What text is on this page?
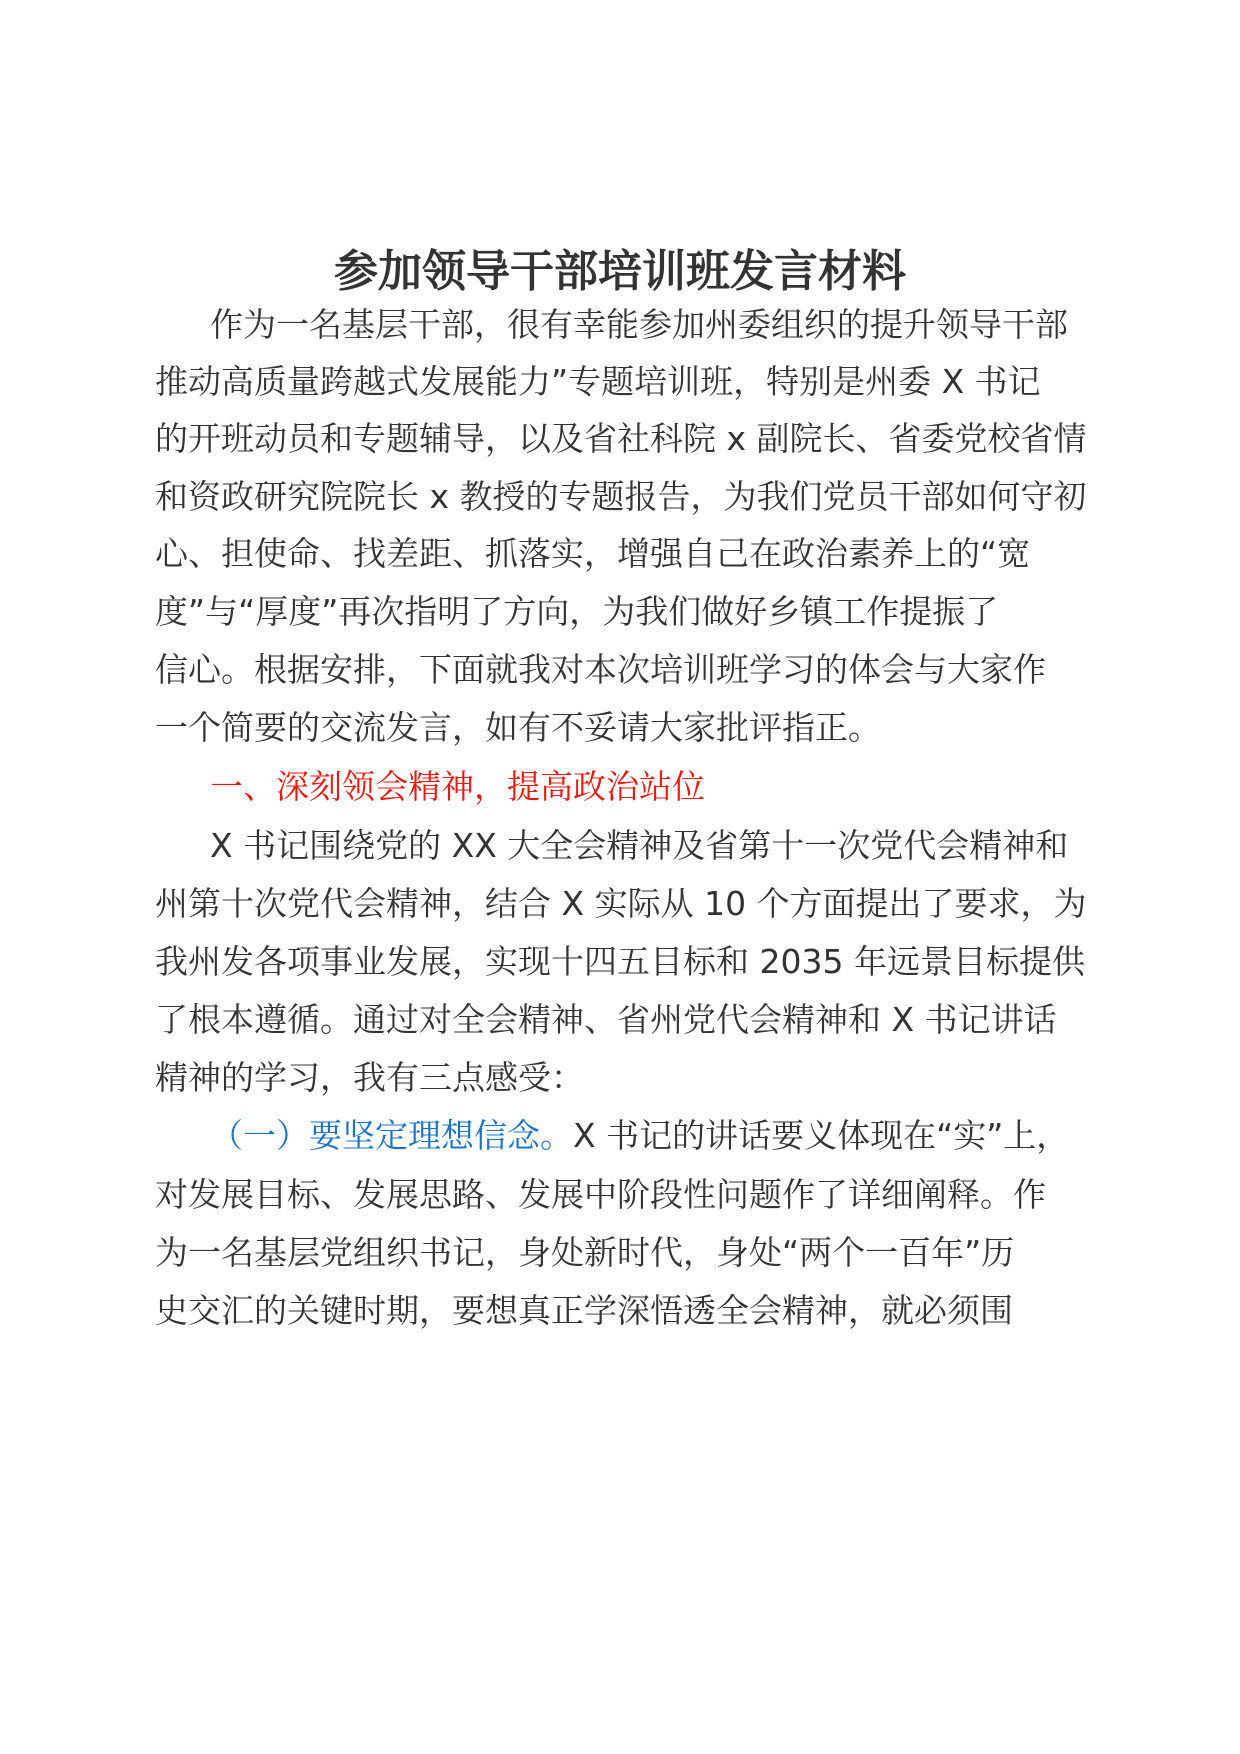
参加领导干部培训班发言材料
作为一名基层干部，很有幸能参加州委组织的提升领导干部
推动高质量跨越式发展能力”专题培训班，特别是州委 X 书记
的开班动员和专题辅导，以及省社科院 x 副院长、省委党校省情
和资政研究院院长 x 教授的专题报告，为我们党员干部如何守初
心、担使命、找差距、抓落实，增强自己在政治素养上的“宽
度”与“厚度”再次指明了方向，为我们做好乡镇工作提振了
信心。根据安排，下面就我对本次培训班学习的体会与大家作
一个简要的交流发言，如有不妥请大家批评指正。
一、深刻领会精神，提高政治站位
X 书记围绕党的 XX 大全会精神及省第十一次党代会精神和
州第十次党代会精神，结合 X 实际从 10 个方面提出了要求，为
我州发各项事业发展，实现十四五目标和 2035 年远景目标提供
了根本遵循。通过对全会精神、省州党代会精神和 X 书记讲话
精神的学习，我有三点感受：
（一）要坚定理想信念。X 书记的讲话要义体现在“实”上，
对发展目标、发展思路、发展中阶段性问题作了详细阐释。作
为一名基层党组织书记，身处新时代，身处“两个一百年”历
史交汇的关键时期，要想真正学深悟透全会精神，就必须围
